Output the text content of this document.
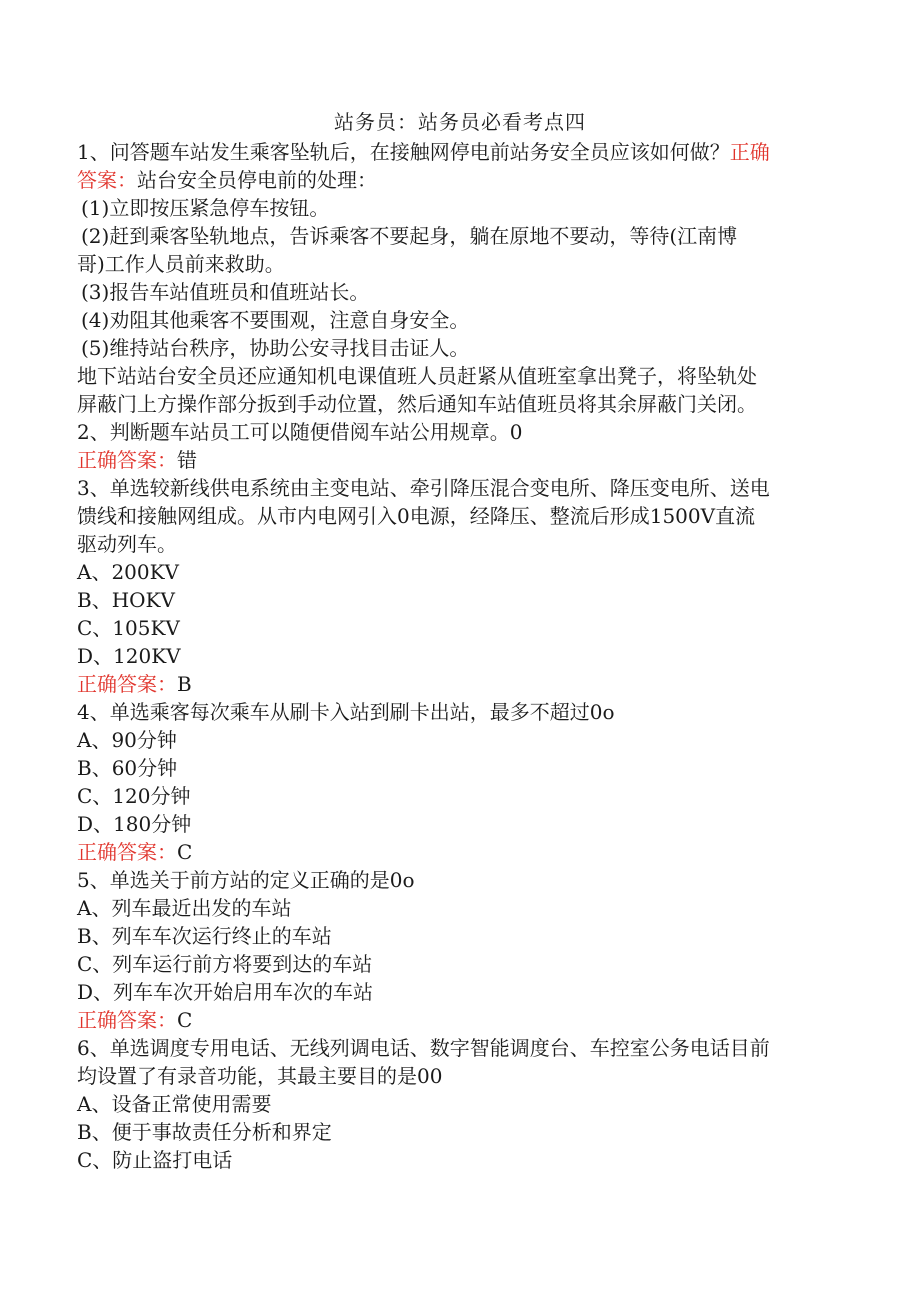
站务员：站务员必看考点四
1、问答题车站发生乘客坠轨后，在接触网停电前站务安全员应该如何做？正确
答案：站台安全员停电前的处理：
(1)立即按压紧急停车按钮。
(2)赶到乘客坠轨地点，告诉乘客不要起身，躺在原地不要动，等待(江南博
哥)工作人员前来救助。
(3)报告车站值班员和值班站长。
(4)劝阻其他乘客不要围观，注意自身安全。
(5)维持站台秩序，协助公安寻找目击证人。
地下站站台安全员还应通知机电课值班人员赶紧从值班室拿出凳子，将坠轨处
屏蔽门上方操作部分扳到手动位置，然后通知车站值班员将其余屏蔽门关闭。
2、判断题车站员工可以随便借阅车站公用规章。0
正确答案：错
3、单选较新线供电系统由主变电站、牵引降压混合变电所、降压变电所、送电
馈线和接触网组成。从市内电网引入0电源，经降压、整流后形成1500V直流
驱动列车。
A、200KV
B、HOKV
C、105KV
D、120KV
正确答案：B
4、单选乘客每次乘车从刷卡入站到刷卡出站，最多不超过0o
A、90分钟
B、60分钟
C、120分钟
D、180分钟
正确答案：C
5、单选关于前方站的定义正确的是0o
A、列车最近出发的车站
B、列车车次运行终止的车站
C、列车运行前方将要到达的车站
D、列车车次开始启用车次的车站
正确答案：C
6、单选调度专用电话、无线列调电话、数字智能调度台、车控室公务电话目前
均设置了有录音功能，其最主要目的是00
A、设备正常使用需要
B、便于事故责任分析和界定
C、防止盗打电话
